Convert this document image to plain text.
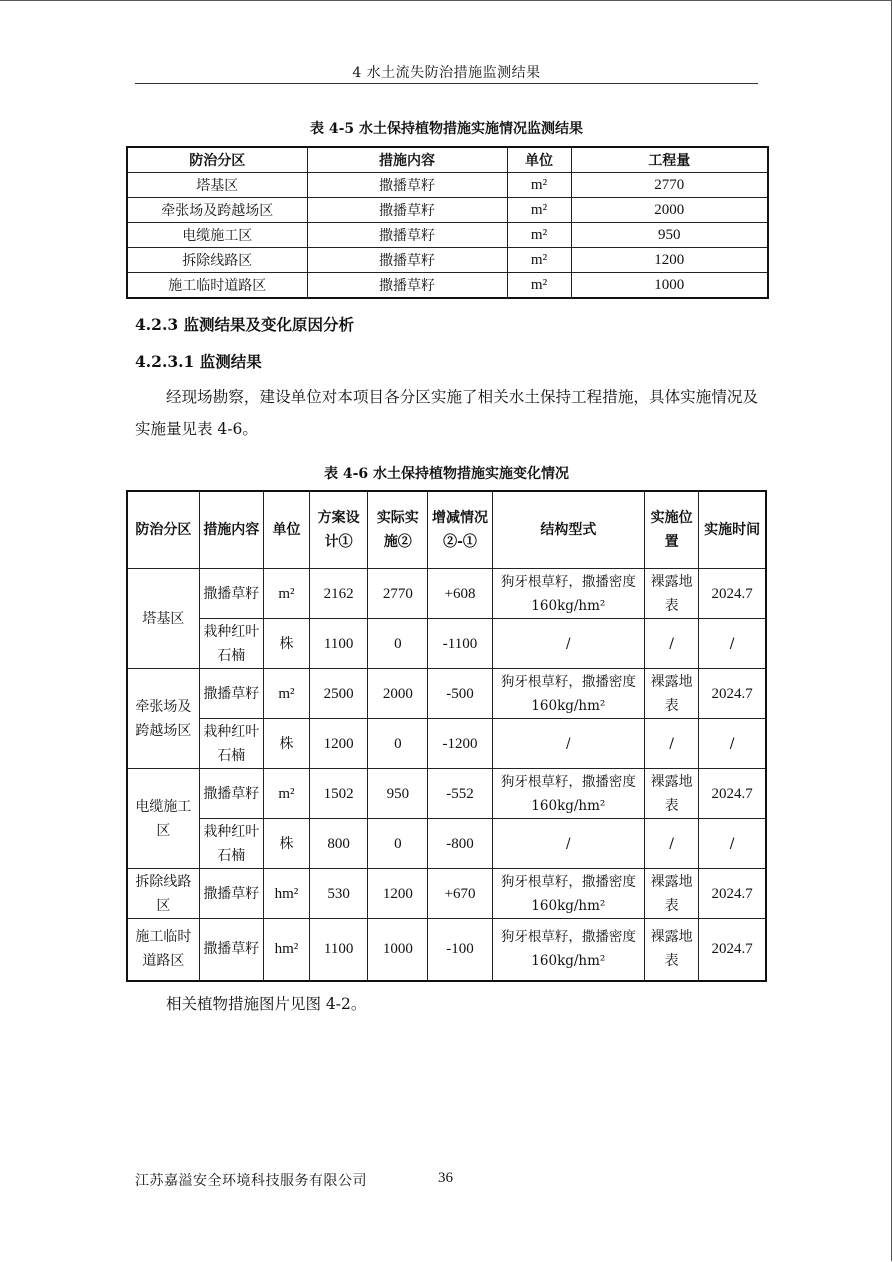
4 水土流失防治措施监测结果
表 4-5 水土保持植物措施实施情况监测结果
防治分区	措施内容	单位	工程量
塔基区	撒播草籽	m²	2770
牵张场及跨越场区	撒播草籽	m²	2000
电缆施工区	撒播草籽	m²	950
拆除线路区	撒播草籽	m²	1200
施工临时道路区	撒播草籽	m²	1000
4.2.3 监测结果及变化原因分析
4.2.3.1 监测结果

经现场勘察，建设单位对本项目各分区实施了相关水土保持工程措施，具体实施情况及实施量见表 4-6。

表 4-6 水土保持植物措施实施变化情况
防治分区	措施内容	单位	方案设计①	实际实施②	增减情况②-①	结构型式	实施位置	实施时间
塔基区	撒播草籽	m²	2162	2770	+608	狗牙根草籽，撒播密度 160kg/hm²	裸露地表	2024.7
	栽种红叶石楠	株	1100	0	-1100	/	/	/
牵张场及跨越场区	撒播草籽	m²	2500	2000	-500	狗牙根草籽，撒播密度 160kg/hm²	裸露地表	2024.7
	栽种红叶石楠	株	1200	0	-1200	/	/	/
电缆施工区	撒播草籽	m²	1502	950	-552	狗牙根草籽，撒播密度 160kg/hm²	裸露地表	2024.7
	栽种红叶石楠	株	800	0	-800	/	/	/
拆除线路区	撒播草籽	hm²	530	1200	+670	狗牙根草籽，撒播密度 160kg/hm²	裸露地表	2024.7
施工临时道路区	撒播草籽	hm²	1100	1000	-100	狗牙根草籽，撒播密度 160kg/hm²	裸露地表	2024.7

相关植物措施图片见图 4-2。

江苏嘉溢安全环境科技服务有限公司	36
